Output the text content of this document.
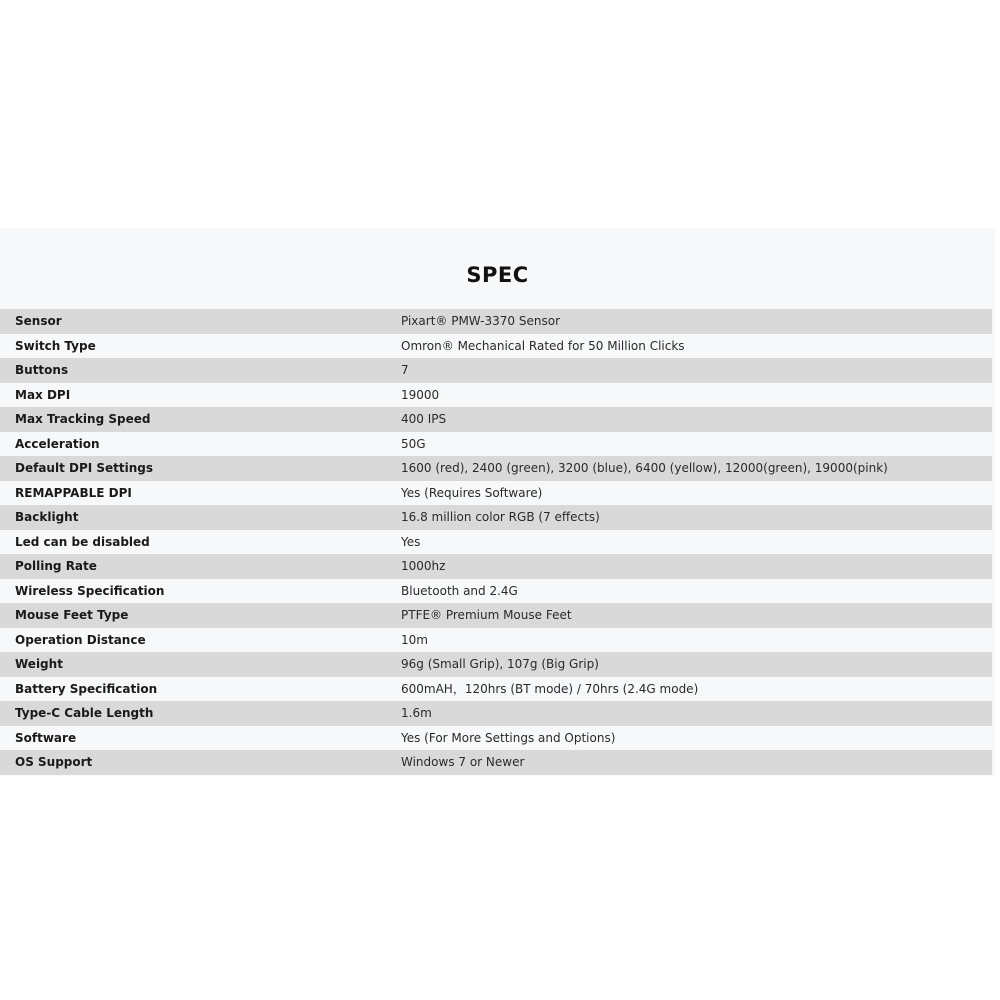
SPEC
Sensor	Pixart® PMW-3370 Sensor
Switch Type	Omron® Mechanical Rated for 50 Million Clicks
Buttons	7
Max DPI	19000
Max Tracking Speed	400 IPS
Acceleration	50G
Default DPI Settings	1600 (red), 2400 (green), 3200 (blue), 6400 (yellow), 12000(green), 19000(pink)
REMAPPABLE DPI	Yes (Requires Software)
Backlight	16.8 million color RGB (7 effects)
Led can be disabled	Yes
Polling Rate	1000hz
Wireless Specification	Bluetooth and 2.4G
Mouse Feet Type	PTFE® Premium Mouse Feet
Operation Distance	10m
Weight	96g (Small Grip), 107g (Big Grip)
Battery Specification	600mAH，120hrs (BT mode) / 70hrs (2.4G mode)
Type-C Cable Length	1.6m
Software	Yes (For More Settings and Options)
OS Support	Windows 7 or Newer
